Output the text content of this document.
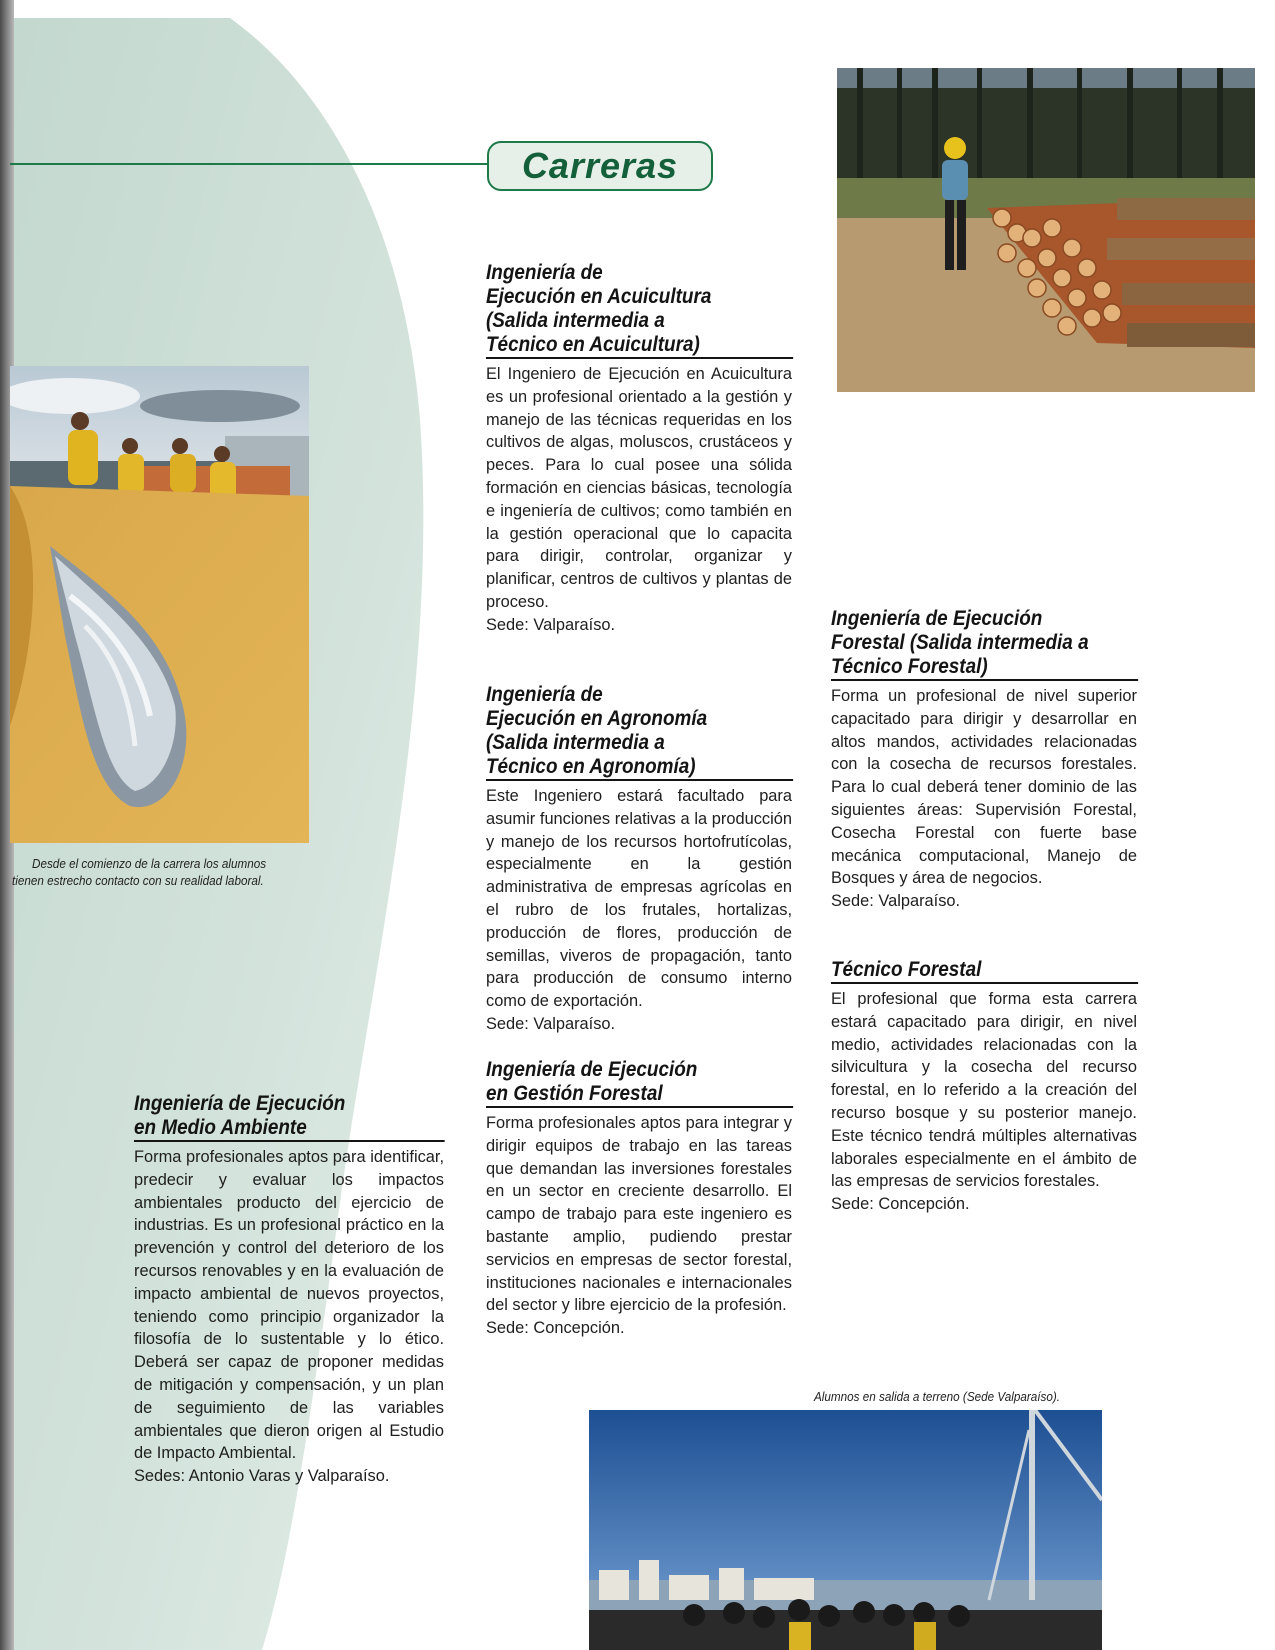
Carreras
Desde el comienzo de la carrera los alumnos
tienen estrecho contacto con su realidad laboral.
Alumnos en salida a terreno (Sede Valparaíso).
Ingeniería de
Ejecución en Acuicultura
(Salida intermedia a
Técnico en Acuicultura)

El Ingeniero de Ejecución en Acuicultura es un profesional orientado a la gestión y manejo de las técnicas requeridas en los cultivos de algas, moluscos, crustáceos y peces. Para lo cual posee una sólida formación en ciencias básicas, tecnología e ingeniería de cultivos; como también en la gestión operacional que lo capacita para dirigir, controlar, organizar y planificar, centros de cultivos y plantas de proceso.

Sede: Valparaíso.

Ingeniería de
Ejecución en Agronomía
(Salida intermedia a
Técnico en Agronomía)

Este Ingeniero estará facultado para asumir funciones relativas a la producción y manejo de los recursos hortofrutícolas, especialmente en la gestión administrativa de empresas agrícolas en el rubro de los frutales, hortalizas, producción de flores, producción de semillas, viveros de propagación, tanto para producción de consumo interno como de exportación.

Sede: Valparaíso.

Ingeniería de Ejecución
en Gestión Forestal

Forma profesionales aptos para integrar y dirigir equipos de trabajo en las tareas que demandan las inversiones forestales en un sector en creciente desarrollo. El campo de trabajo para este ingeniero es bastante amplio, pudiendo prestar servicios en empresas de sector forestal, instituciones nacionales e internacionales del sector y libre ejercicio de la profesión.

Sede: Concepción.

Ingeniería de Ejecución
en Medio Ambiente

Forma profesionales aptos para identificar, predecir y evaluar los impactos ambientales producto del ejercicio de industrias. Es un profesional práctico en la prevención y control del deterioro de los recursos renovables y en la evaluación de impacto ambiental de nuevos proyectos, teniendo como principio organizador la filosofía de lo sustentable y lo ético. Deberá ser capaz de proponer medidas de mitigación y compensación, y un plan de seguimiento de las variables ambientales que dieron origen al Estudio de Impacto Ambiental.

Sedes: Antonio Varas y Valparaíso.

Ingeniería de Ejecución
Forestal (Salida intermedia a
Técnico Forestal)

Forma un profesional de nivel superior capacitado para dirigir y desarrollar en altos mandos, actividades relacionadas con la cosecha de recursos forestales. Para lo cual deberá tener dominio de las siguientes áreas: Supervisión Forestal, Cosecha Forestal con fuerte base mecánica computacional, Manejo de Bosques y área de negocios.

Sede: Valparaíso.

Técnico Forestal

El profesional que forma esta carrera estará capacitado para dirigir, en nivel medio, actividades relacionadas con la silvicultura y la cosecha del recurso forestal, en lo referido a la creación del recurso bosque y su posterior manejo. Este técnico tendrá múltiples alternativas laborales especialmente en el ámbito de las empresas de servicios forestales.

Sede: Concepción.
